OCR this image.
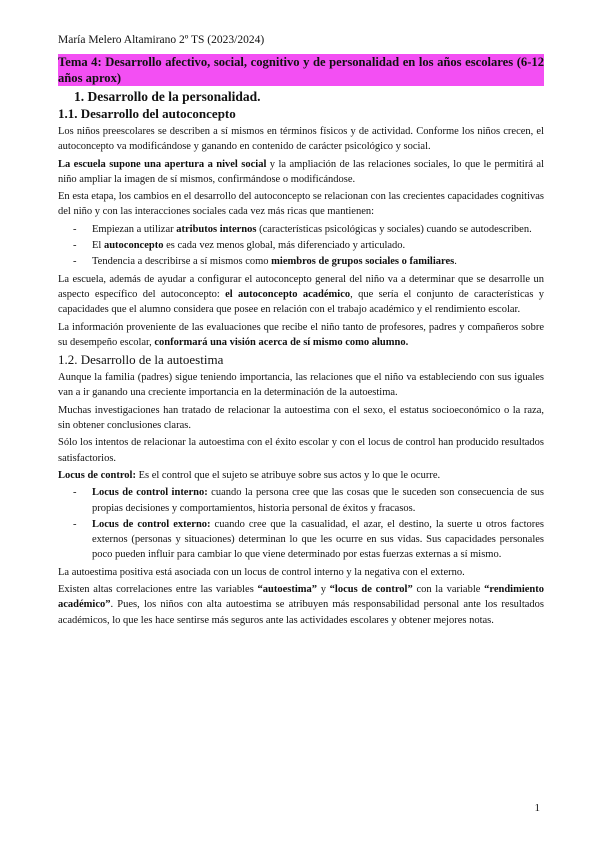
María Melero Altamirano 2º TS (2023/2024)
Tema 4: Desarrollo afectivo, social, cognitivo y de personalidad en los años escolares (6-12 años aprox)
1. Desarrollo de la personalidad.
1.1. Desarrollo del autoconcepto

Los niños preescolares se describen a sí mismos en términos físicos y de actividad. Conforme los niños crecen, el autoconcepto va modificándose y ganando en contenido de carácter psicológico y social.

La escuela supone una apertura a nivel social y la ampliación de las relaciones sociales, lo que le permitirá al niño ampliar la imagen de sí mismos, confirmándose o modificándose.

En esta etapa, los cambios en el desarrollo del autoconcepto se relacionan con las crecientes capacidades cognitivas del niño y con las interacciones sociales cada vez más ricas que mantienen:

- Empiezan a utilizar atributos internos (características psicológicas y sociales) cuando se autodescriben.
- El autoconcepto es cada vez menos global, más diferenciado y articulado.
- Tendencia a describirse a sí mismos como miembros de grupos sociales o familiares.

La escuela, además de ayudar a configurar el autoconcepto general del niño va a determinar que se desarrolle un aspecto específico del autoconcepto: el autoconcepto académico, que sería el conjunto de características y capacidades que el alumno considera que posee en relación con el trabajo académico y el rendimiento escolar.

La información proveniente de las evaluaciones que recibe el niño tanto de profesores, padres y compañeros sobre su desempeño escolar, conformará una visión acerca de sí mismo como alumno.

1.2. Desarrollo de la autoestima

Aunque la familia (padres) sigue teniendo importancia, las relaciones que el niño va estableciendo con sus iguales van a ir ganando una creciente importancia en la determinación de la autoestima.

Muchas investigaciones han tratado de relacionar la autoestima con el sexo, el estatus socioeconómico o la raza, sin obtener conclusiones claras.

Sólo los intentos de relacionar la autoestima con el éxito escolar y con el locus de control han producido resultados satisfactorios.

Locus de control: Es el control que el sujeto se atribuye sobre sus actos y lo que le ocurre.

- Locus de control interno: cuando la persona cree que las cosas que le suceden son consecuencia de sus propias decisiones y comportamientos, historia personal de éxitos y fracasos.
- Locus de control externo: cuando cree que la casualidad, el azar, el destino, la suerte u otros factores externos (personas y situaciones) determinan lo que les ocurre en sus vidas. Sus capacidades personales poco pueden influir para cambiar lo que viene determinado por estas fuerzas externas a sí mismo.

La autoestima positiva está asociada con un locus de control interno y la negativa con el externo.

Existen altas correlaciones entre las variables “autoestima” y “locus de control” con la variable “rendimiento académico”. Pues, los niños con alta autoestima se atribuyen más responsabilidad personal ante los resultados académicos, lo que les hace sentirse más seguros ante las actividades escolares y obtener mejores notas.

1
